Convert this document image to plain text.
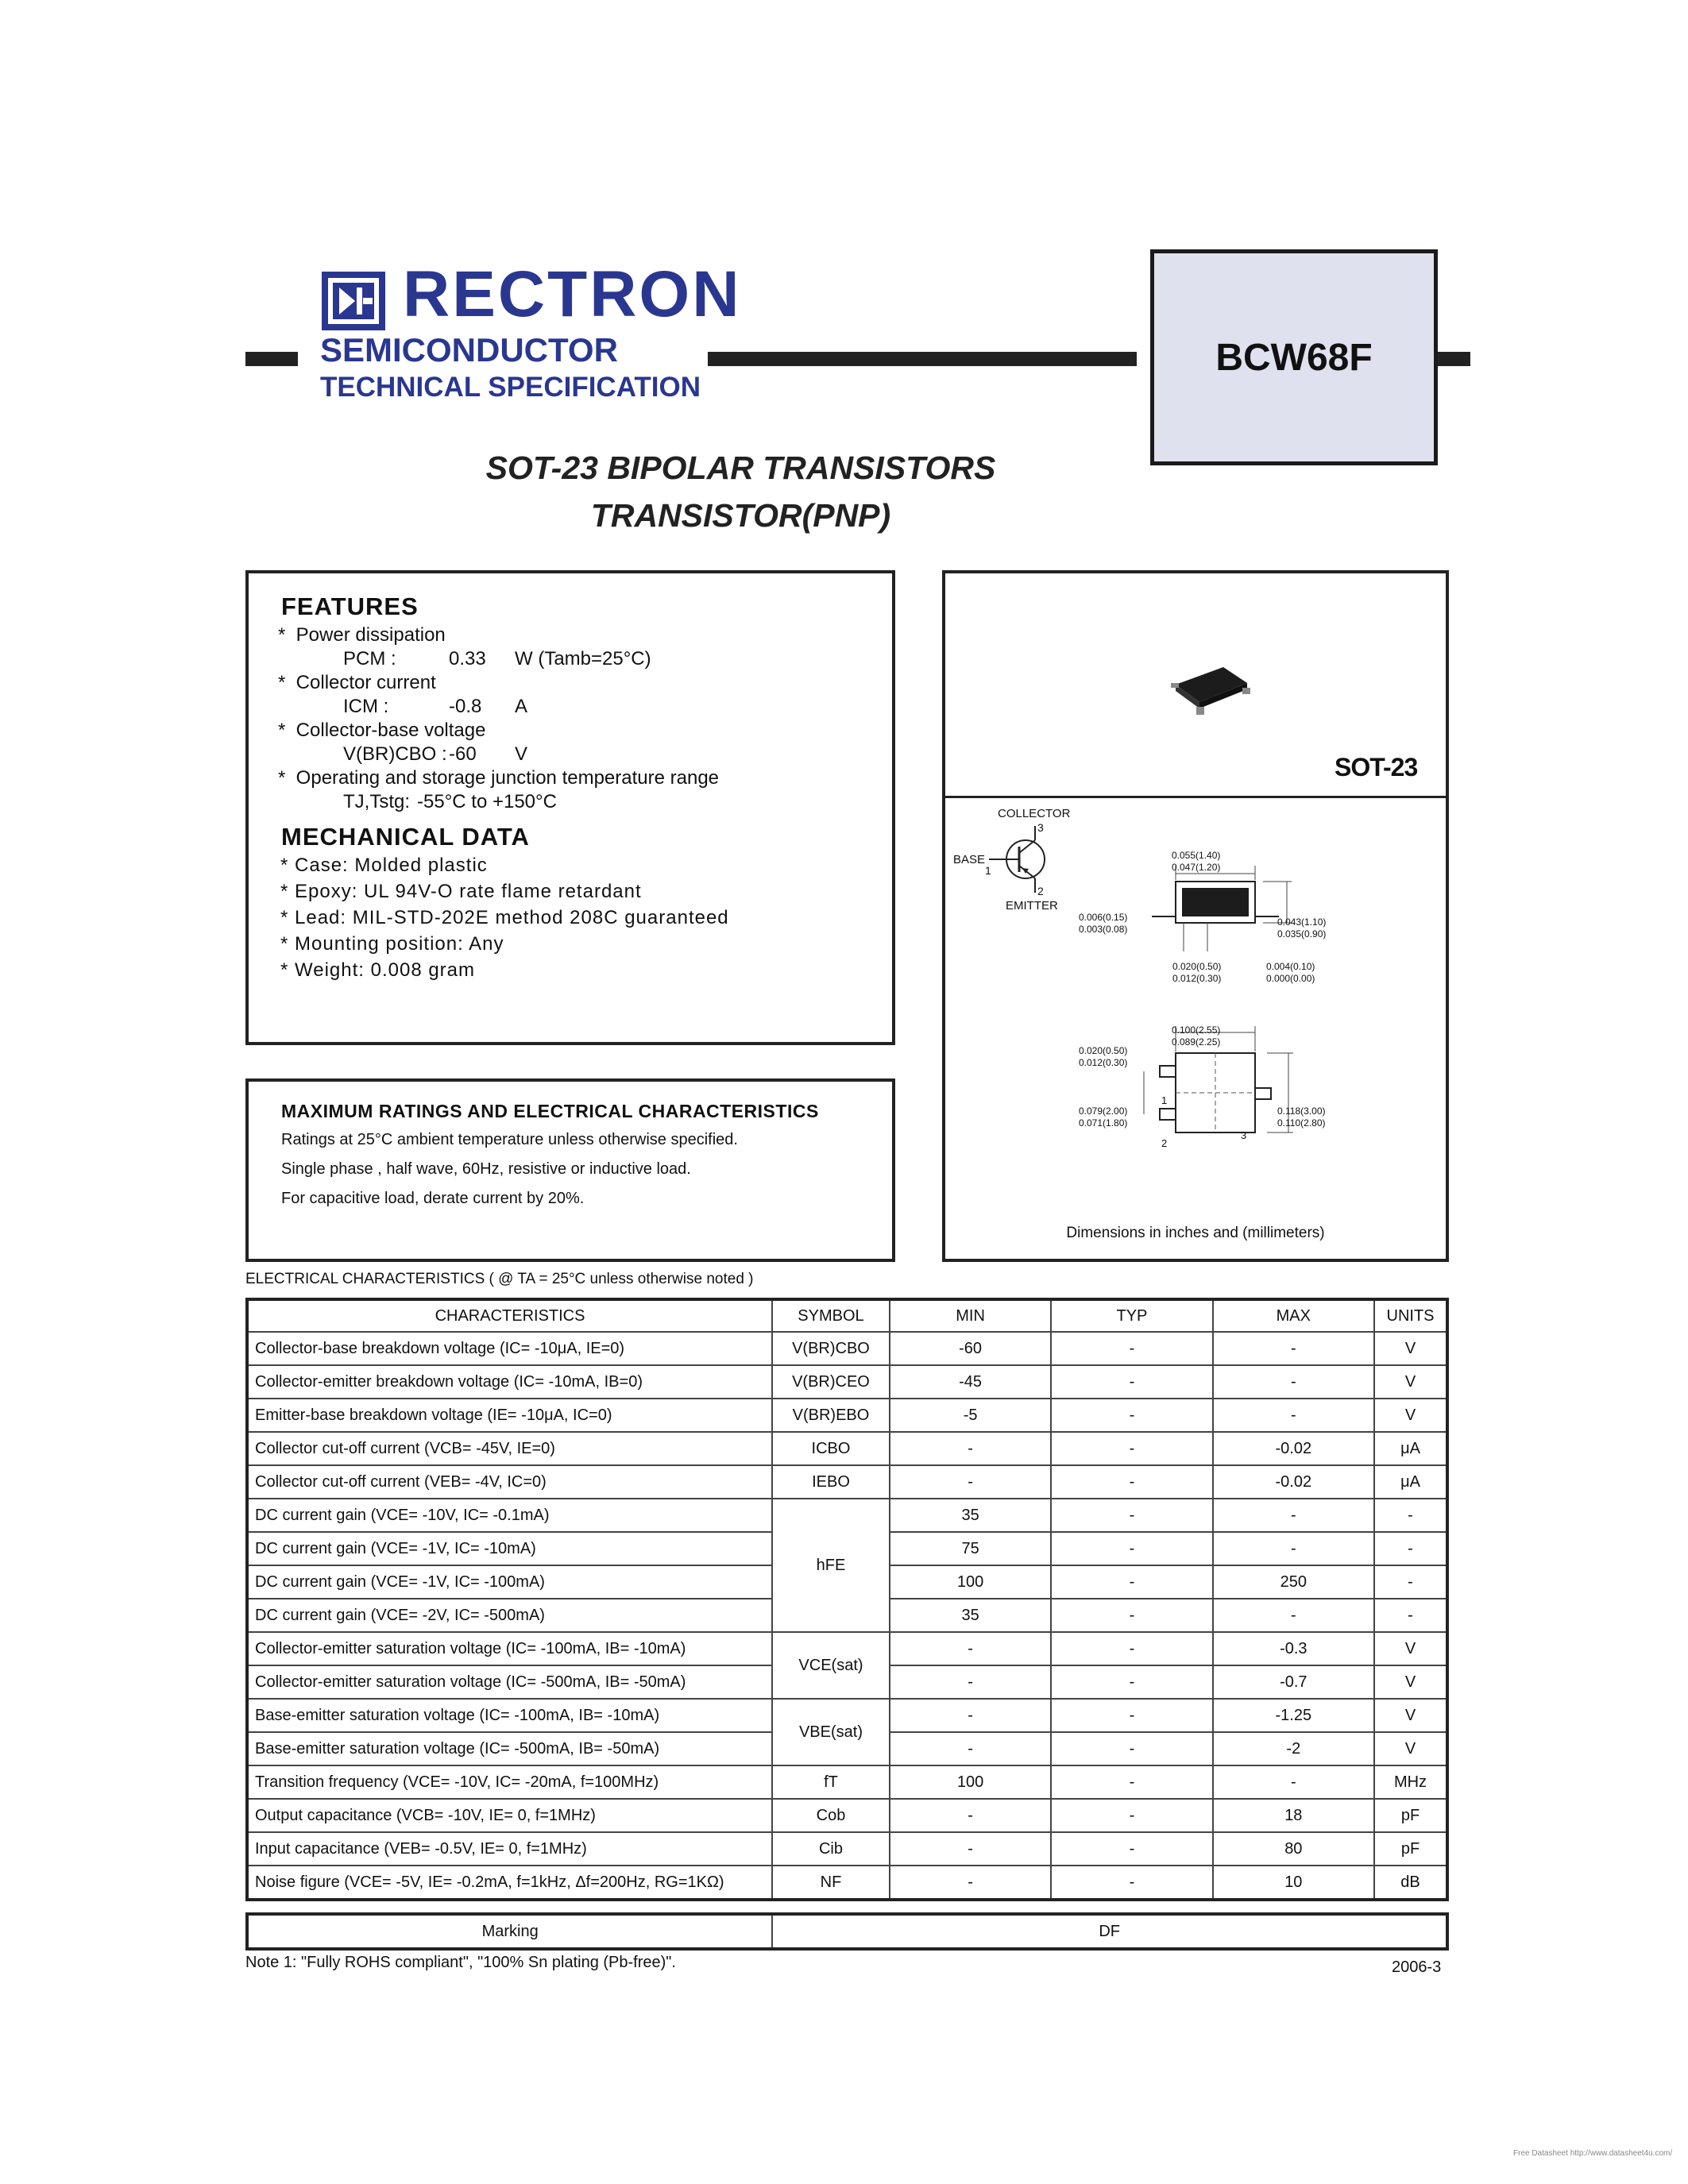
RECTRON
SEMICONDUCTOR
TECHNICAL SPECIFICATION
BCW68F
SOT-23 BIPOLAR TRANSISTORS
TRANSISTOR(PNP)
FEATURES
*  Power dissipation
PCM :	0.33 W (Tamb=25°C)
*  Collector current
ICM :	-0.8 A
*  Collector-base voltage
V(BR)CBO : -60 V
*  Operating and storage junction temperature range
TJ,Tstg: -55°C to +150°C
MECHANICAL DATA
* Case: Molded plastic
* Epoxy: UL 94V-O rate flame retardant
* Lead: MIL-STD-202E method 208C guaranteed
* Mounting position: Any
* Weight: 0.008 gram
SOT-23
COLLECTOR
3
BASE
1
2
EMITTER
0.055(1.40)
0.047(1.20)
0.006(0.15)
0.003(0.08)
0.043(1.10)
0.035(0.90)
0.020(0.50)
0.012(0.30)
0.004(0.10)
0.000(0.00)
0.100(2.55)
0.089(2.25)
0.020(0.50)
0.012(0.30)
0.079(2.00)
0.071(1.80)
0.118(3.00)
0.110(2.80)
1
2
3
Dimensions in inches and (millimeters)
MAXIMUM RATINGS AND ELECTRICAL CHARACTERISTICS
Ratings at 25°C ambient temperature unless otherwise specified.
Single phase , half wave, 60Hz, resistive or inductive load.
For capacitive load, derate current by 20%.
ELECTRICAL CHARACTERISTICS ( @ TA = 25°C unless otherwise noted )
CHARACTERISTICS	SYMBOL	MIN	TYP	MAX	UNITS
Collector-base breakdown voltage (IC= -10μA, IE=0)	V(BR)CBO	-60	-	-	V
Collector-emitter breakdown voltage (IC= -10mA, IB=0)	V(BR)CEO	-45	-	-	V
Emitter-base breakdown voltage (IE= -10μA, IC=0)	V(BR)EBO	-5	-	-	V
Collector cut-off current (VCB= -45V, IE=0)	ICBO	-	-	-0.02	μA
Collector cut-off current (VEB= -4V, IC=0)	IEBO	-	-	-0.02	μA
DC current gain (VCE= -10V, IC= -0.1mA)	hFE	35	-	-	-
DC current gain (VCE= -1V, IC= -10mA)		75	-	-	-
DC current gain (VCE= -1V, IC= -100mA)		100	-	250	-
DC current gain (VCE= -2V, IC= -500mA)		35	-	-	-
Collector-emitter saturation voltage (IC= -100mA, IB= -10mA)	VCE(sat)	-	-	-0.3	V
Collector-emitter saturation voltage (IC= -500mA, IB= -50mA)		-	-	-0.7	V
Base-emitter saturation voltage (IC= -100mA, IB= -10mA)	VBE(sat)	-	-	-1.25	V
Base-emitter saturation voltage (IC= -500mA, IB= -50mA)		-	-	-2	V
Transition frequency (VCE= -10V, IC= -20mA, f=100MHz)	fT	100	-	-	MHz
Output capacitance (VCB= -10V, IE= 0, f=1MHz)	Cob	-	-	18	pF
Input capacitance (VEB= -0.5V, IE= 0, f=1MHz)	Cib	-	-	80	pF
Noise figure (VCE= -5V, IE= -0.2mA, f=1kHz, Δf=200Hz, RG=1KΩ)	NF	-	-	10	dB
Marking	DF
Note 1: "Fully ROHS compliant", "100% Sn plating (Pb-free)".	2006-3
Free Datasheet http://www.datasheet4u.com/
